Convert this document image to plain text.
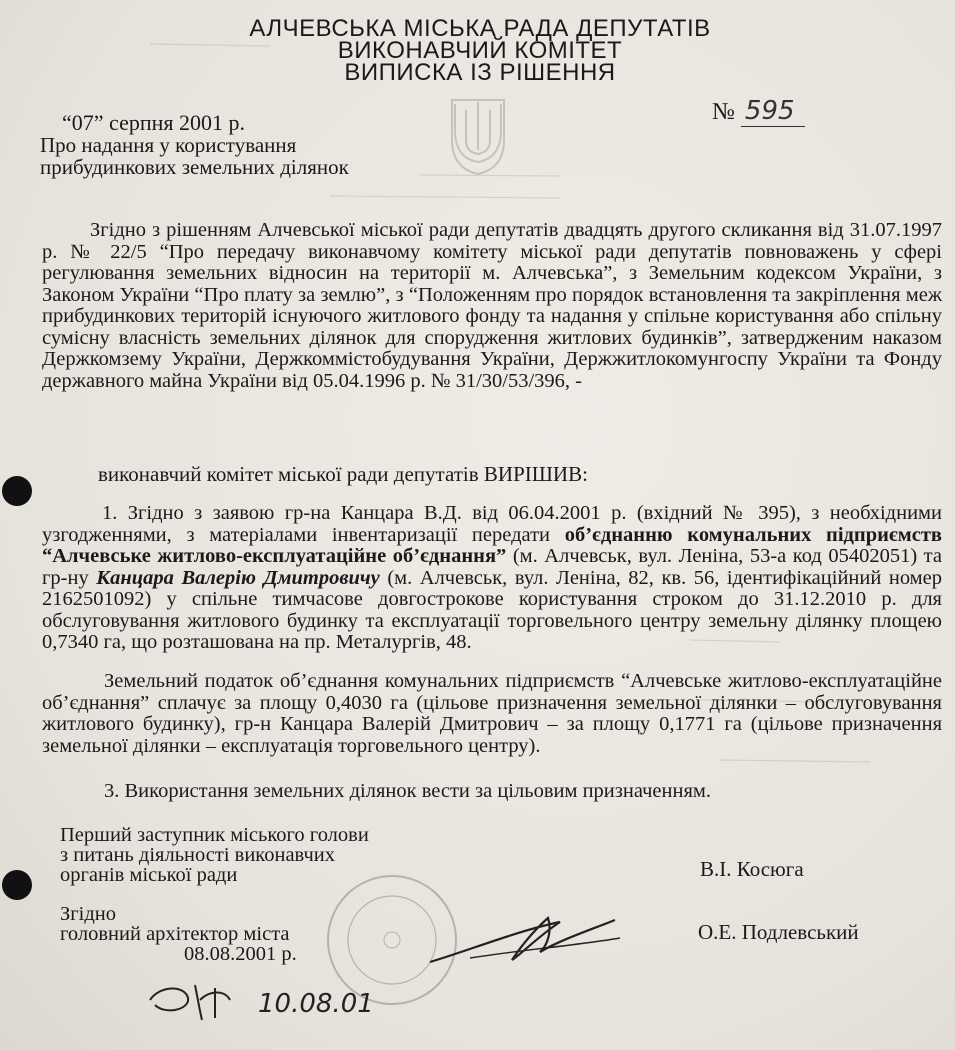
АЛЧЕВСЬКА МІСЬКА РАДА ДЕПУТАТІВ
ВИКОНАВЧИЙ КОМІТЕТ
ВИПИСКА ІЗ РІШЕННЯ
10.08.01
“07” серпня 2001 р.	№ 595
Про надання у користування прибудинкових земельних ділянок
Згідно з рішенням Алчевської міської ради депутатів двадцять другого скликання від 31.07.1997 р. № 22/5 “Про передачу виконавчому комітету міської ради депутатів повноважень у сфері регулювання земельних відносин на території м. Алчевська”, з Земельним кодексом України, з Законом України “Про плату за землю”, з “Положенням про порядок встановлення та закріплення меж прибудинкових територій існуючого житлового фонду та надання у спільне користування або спільну сумісну власність земельних ділянок для спорудження житлових будинків”, затвердженим наказом Держкомзему України, Держкоммістобудування України, Держжитлокомунгоспу України та Фонду державного майна України від 05.04.1996 р. № 31/30/53/396, -
виконавчий комітет міської ради депутатів ВИРІШИВ:
1. Згідно з заявою гр-на Канцара В.Д. від 06.04.2001 р. (вхідний № 395), з необхідними узгодженнями, з матеріалами інвентаризації передати об’єднанню комунальних підприємств “Алчевське житлово-експлуатаційне об’єднання” (м. Алчевськ, вул. Леніна, 53-а код 05402051) та гр-ну Канцара Валерію Дмитровичу (м. Алчевськ, вул. Леніна, 82, кв. 56, ідентифікаційний номер 2162501092) у спільне тимчасове довгострокове користування строком до 31.12.2010 р. для обслуговування житлового будинку та експлуатації торговельного центру земельну ділянку площею 0,7340 га, що розташована на пр. Металургів, 48.
Земельний податок об’єднання комунальних підприємств “Алчевське житлово-експлуатаційне об’єднання” сплачує за площу 0,4030 га (цільове призначення земельної ділянки – обслуговування житлового будинку), гр-н Канцара Валерій Дмитрович – за площу 0,1771 га (цільове призначення земельної ділянки – експлуатація торговельного центру).
3. Використання земельних ділянок вести за цільовим призначенням.
Перший заступник міського голови
з питань діяльності виконавчих
органів міської ради	В.І. Косюга
Згідно
головний архітектор міста
08.08.2001 р.
О.Е. Подлевський
